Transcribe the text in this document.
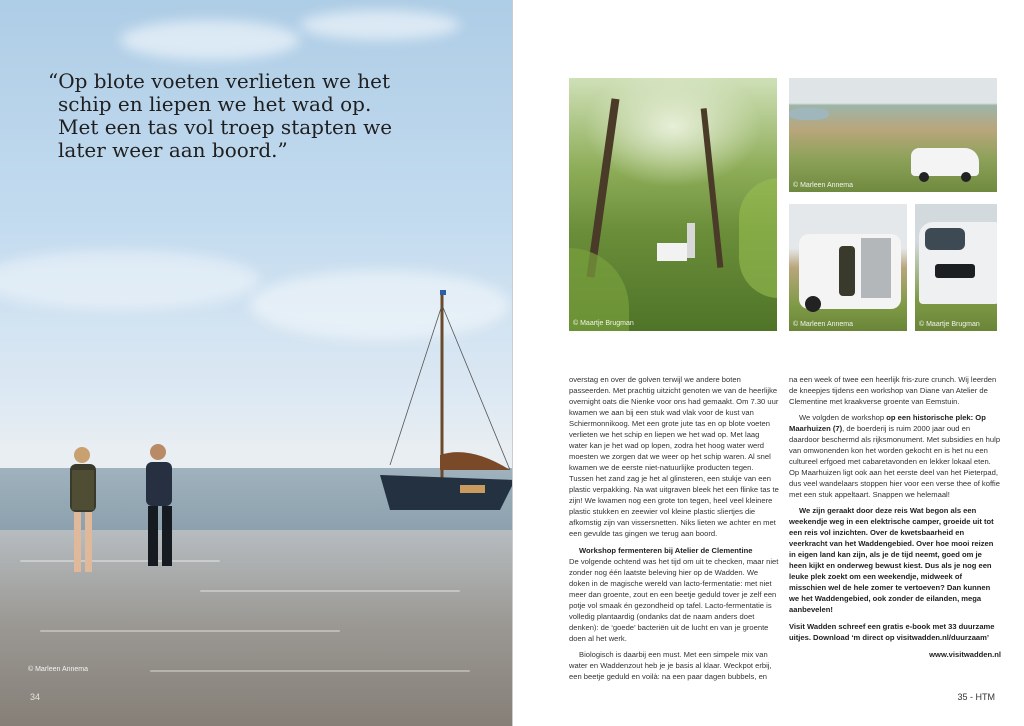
“Op blote voeten verlieten we het
schip en liepen we het wad op.
Met een tas vol troep stapten we
later weer aan boord.”

© Marleen Annema
34
© Maartje Brugman
© Marleen Annema
© Marleen Annema	© Maartje Brugman

overstag en over de golven terwijl we andere boten passeerden. Met prachtig uitzicht genoten we van de heerlijke overnight oats die Nienke voor ons had gemaakt. Om 7.30 uur kwamen we aan bij een stuk wad vlak voor de kust van Schiermonnikoog. Met een grote jute tas en op blote voeten verlieten we het schip en liepen we het wad op. Met laag water kan je het wad op lopen, zodra het hoog water werd moesten we zorgen dat we weer op het schip waren. Al snel kwamen we de eerste niet-natuurlijke producten tegen. Tussen het zand zag je het al glinsteren, een stukje van een plastic verpakking. Na wat uitgraven bleek het een flinke tas te zijn! We kwamen nog een grote ton tegen, heel veel kleinere plastic stukken en zeewier vol kleine plastic sliertjes die afkomstig zijn van vissersnetten. Niks lieten we achter en met een gevulde tas gingen we terug aan boord.

Workshop fermenteren bij Atelier de Clementine

De volgende ochtend was het tijd om uit te checken, maar niet zonder nog één laatste beleving hier op de Wadden. We doken in de magische wereld van lacto-fermentatie: met niet meer dan groente, zout en een beetje geduld tover je zelf een potje vol smaak én gezondheid op tafel. Lacto-fermentatie is volledig plantaardig (ondanks dat de naam anders doet denken): de ‘goede’ bacteriën uit de lucht en van je groente doen al het werk.

Biologisch is daarbij een must. Met een simpele mix van water en Waddenzout heb je je basis al klaar. Weckpot erbij, een beetje geduld en voilà: na een paar dagen bubbels, en

na een week of twee een heerlijk fris-zure crunch. Wij leerden de kneepjes tijdens een workshop van Diane van Atelier de Clementine met kraakverse groente van Eemstuin.

We volgden de workshop op een historische plek: Op Maarhuizen (7), de boerderij is ruim 2000 jaar oud en daardoor beschermd als rijksmonument. Met subsidies en hulp van omwonenden kon het worden gekocht en is het nu een cultureel erfgoed met cabaretavonden en lekker lokaal eten. Op Maarhuizen ligt ook aan het eerste deel van het Pieterpad, dus veel wandelaars stoppen hier voor een verse thee of koffie met een stuk appeltaart. Snappen we helemaal!

We zijn geraakt door deze reis Wat begon als een weekendje weg in een elektrische camper, groeide uit tot een reis vol inzichten. Over de kwetsbaarheid en veerkracht van het Waddengebied. Over hoe mooi reizen in eigen land kan zijn, als je de tijd neemt, goed om je heen kijkt en onderweg bewust kiest. Dus als je nog een leuke plek zoekt om een weekendje, midweek of misschien wel de hele zomer te vertoeven? Dan kunnen we het Waddengebied, ook zonder de eilanden, mega aanbevelen!

Visit Wadden schreef een gratis e-book met 33 duurzame uitjes. Download ‘m direct op visitwadden.nl/duurzaam’

www.visitwadden.nl

35 - HTM
